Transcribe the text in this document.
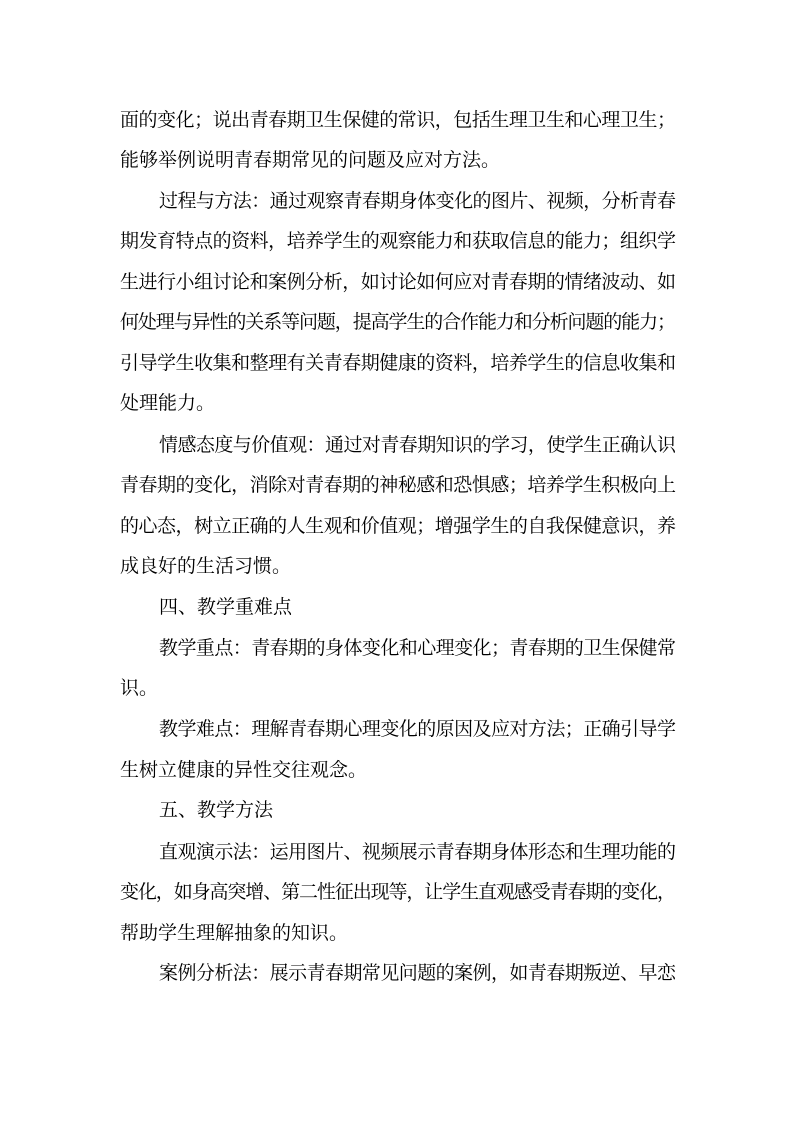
面的变化；说出青春期卫生保健的常识，包括生理卫生和心理卫生；
能够举例说明青春期常见的问题及应对方法。
过程与方法：通过观察青春期身体变化的图片、视频，分析青春
期发育特点的资料，培养学生的观察能力和获取信息的能力；组织学
生进行小组讨论和案例分析，如讨论如何应对青春期的情绪波动、如
何处理与异性的关系等问题，提高学生的合作能力和分析问题的能力；
引导学生收集和整理有关青春期健康的资料，培养学生的信息收集和
处理能力。
情感态度与价值观：通过对青春期知识的学习，使学生正确认识
青春期的变化，消除对青春期的神秘感和恐惧感；培养学生积极向上
的心态，树立正确的人生观和价值观；增强学生的自我保健意识，养
成良好的生活习惯。
四、教学重难点
教学重点：青春期的身体变化和心理变化；青春期的卫生保健常
识。
教学难点：理解青春期心理变化的原因及应对方法；正确引导学
生树立健康的异性交往观念。
五、教学方法
直观演示法：运用图片、视频展示青春期身体形态和生理功能的
变化，如身高突增、第二性征出现等，让学生直观感受青春期的变化，
帮助学生理解抽象的知识。
案例分析法：展示青春期常见问题的案例，如青春期叛逆、早恋
